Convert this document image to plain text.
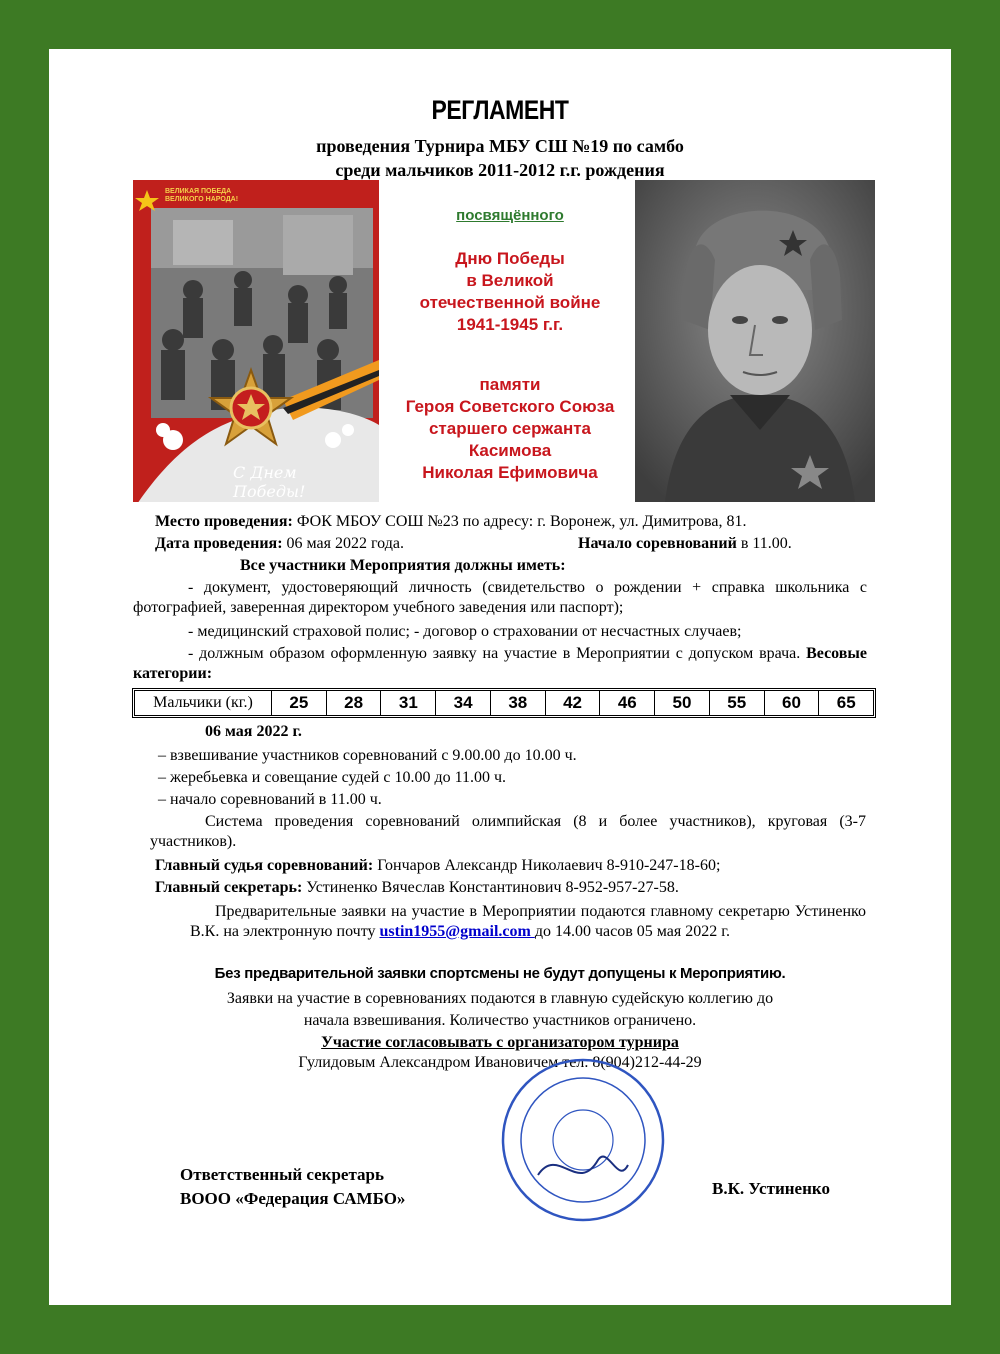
РЕГЛАМЕНТ
проведения Турнира МБУ СШ №19 по самбо
среди мальчиков 2011-2012 г.г. рождения
ВЕЛИКАЯ ПОБЕДА ВЕЛИКОГО НАРОДА!
С Днем Победы!
посвящённого
Дню Победы
в Великой
отечественной войне
1941-1945 г.г.
памяти
Героя Советского Союза
старшего сержанта
Касимова
Николая Ефимовича
Место проведения: ФОК МБОУ СОШ №23 по адресу: г. Воронеж, ул. Димитрова, 81.
Дата проведения: 06 мая 2022 года.	Начало соревнований в 11.00.
Все участники Мероприятия должны иметь:
- документ, удостоверяющий личность (свидетельство о рождении + справка школьника с фотографией, заверенная директором учебного заведения или паспорт);
- медицинский страховой полис; - договор о страховании от несчастных случаев;
- должным образом оформленную заявку на участие в Мероприятии с допуском врача. Весовые категории:
Мальчики (кг.)	25	28	31	34	38	42	46	50	55	60	65
06 мая 2022 г.
– взвешивание участников соревнований с 9.00.00 до 10.00 ч.
– жеребьевка и совещание судей с 10.00 до 11.00 ч.
– начало соревнований в 11.00 ч.
Система проведения соревнований олимпийская (8 и более участников), круговая (3-7 участников).
Главный судья соревнований: Гончаров Александр Николаевич 8-910-247-18-60;
Главный секретарь: Устиненко Вячеслав Константинович 8-952-957-27-58.
Предварительные заявки на участие в Мероприятии подаются главному секретарю Устиненко В.К. на электронную почту ustin1955@gmail.com до 14.00 часов 05 мая 2022 г.
Без предварительной заявки спортсмены не будут допущены к Мероприятию.
Заявки на участие в соревнованиях подаются в главную судейскую коллегию до
начала взвешивания. Количество участников ограничено.
Участие согласовывать с организатором турнира
Гулидовым Александром Ивановичем тел. 8(904)212-44-29
Ответственный секретарь
ВООО «Федерация САМБО»
В.К. Устиненко
